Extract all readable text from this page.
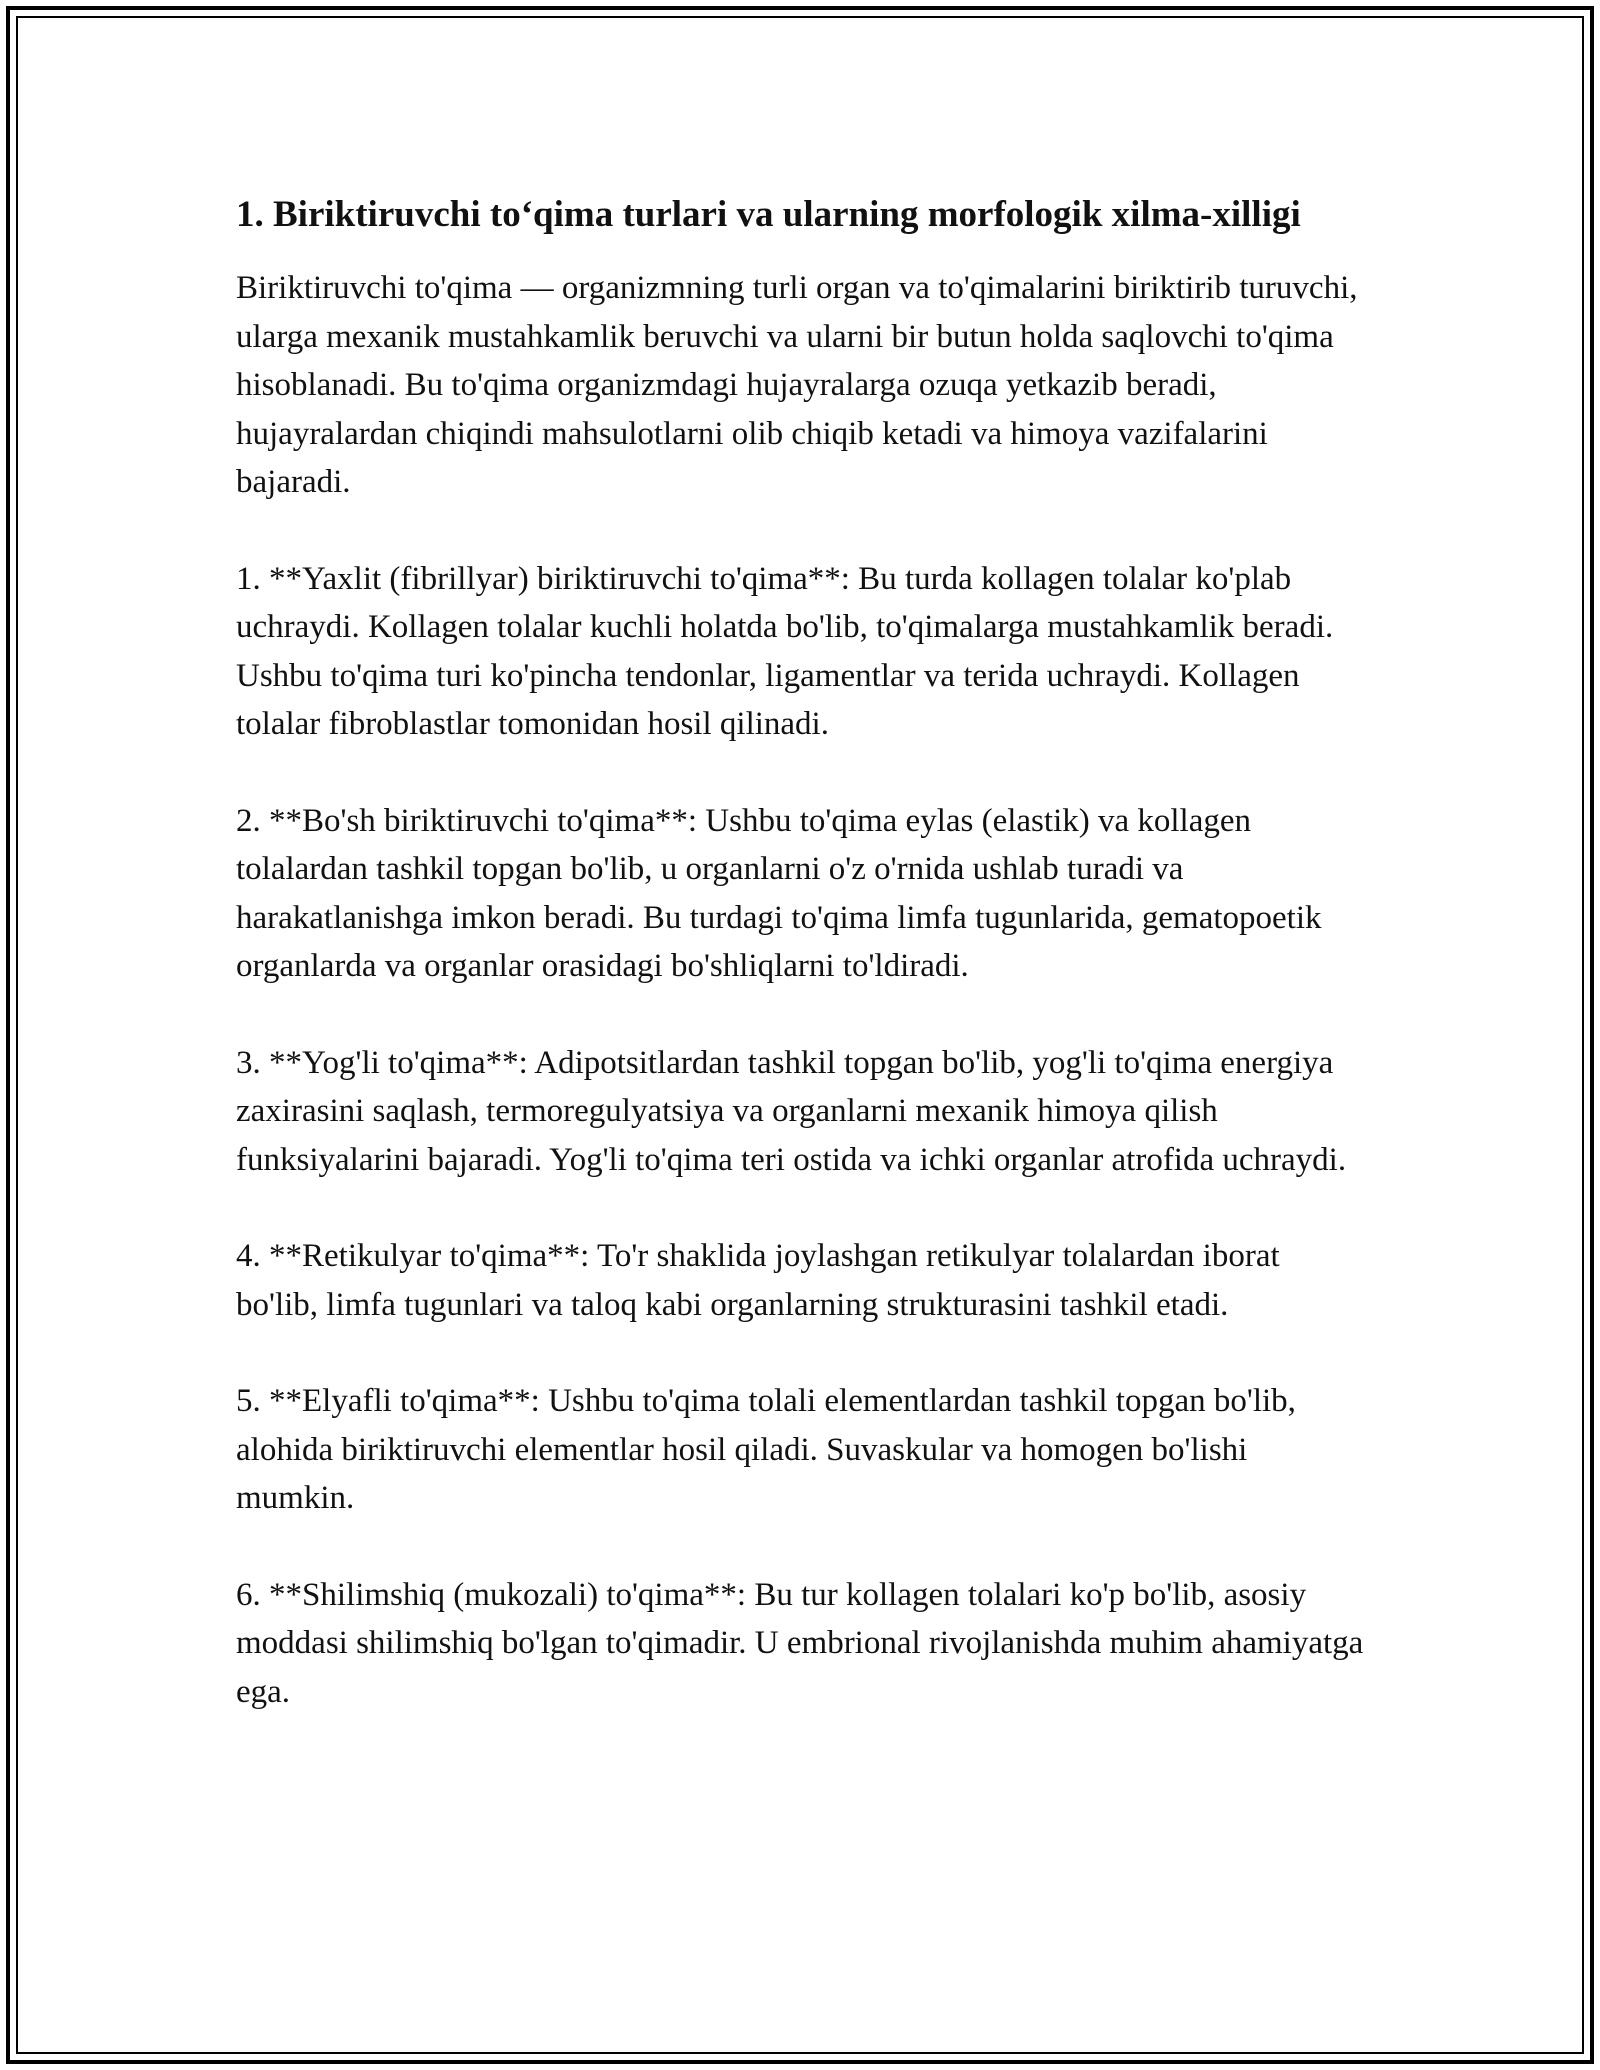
1. Biriktiruvchi to‘qima turlari va ularning morfologik xilma-xilligi

Biriktiruvchi to'qima — organizmning turli organ va to'qimalarini biriktirib turuvchi, ularga mexanik mustahkamlik beruvchi va ularni bir butun holda saqlovchi to'qima hisoblanadi. Bu to'qima organizmdagi hujayralarga ozuqa yetkazib beradi, hujayralardan chiqindi mahsulotlarni olib chiqib ketadi va himoya vazifalarini bajaradi.

1. **Yaxlit (fibrillyar) biriktiruvchi to'qima**: Bu turda kollagen tolalar ko'plab uchraydi. Kollagen tolalar kuchli holatda bo'lib, to'qimalarga mustahkamlik beradi. Ushbu to'qima turi ko'pincha tendonlar, ligamentlar va terida uchraydi. Kollagen tolalar fibroblastlar tomonidan hosil qilinadi.

2. **Bo'sh biriktiruvchi to'qima**: Ushbu to'qima eylas (elastik) va kollagen tolalardan tashkil topgan bo'lib, u organlarni o'z o'rnida ushlab turadi va harakatlanishga imkon beradi. Bu turdagi to'qima limfa tugunlarida, gematopoetik organlarda va organlar orasidagi bo'shliqlarni to'ldiradi.

3. **Yog'li to'qima**: Adipotsitlardan tashkil topgan bo'lib, yog'li to'qima energiya zaxirasini saqlash, termoregulyatsiya va organlarni mexanik himoya qilish funksiyalarini bajaradi. Yog'li to'qima teri ostida va ichki organlar atrofida uchraydi.

4. **Retikulyar to'qima**: To'r shaklida joylashgan retikulyar tolalardan iborat bo'lib, limfa tugunlari va taloq kabi organlarning strukturasini tashkil etadi.

5. **Elyafli to'qima**: Ushbu to'qima tolali elementlardan tashkil topgan bo'lib, alohida biriktiruvchi elementlar hosil qiladi. Suvaskular va homogen bo'lishi mumkin.

6. **Shilimshiq (mukozali) to'qima**: Bu tur kollagen tolalari ko'p bo'lib, asosiy moddasi shilimshiq bo'lgan to'qimadir. U embrional rivojlanishda muhim ahamiyatga ega.
